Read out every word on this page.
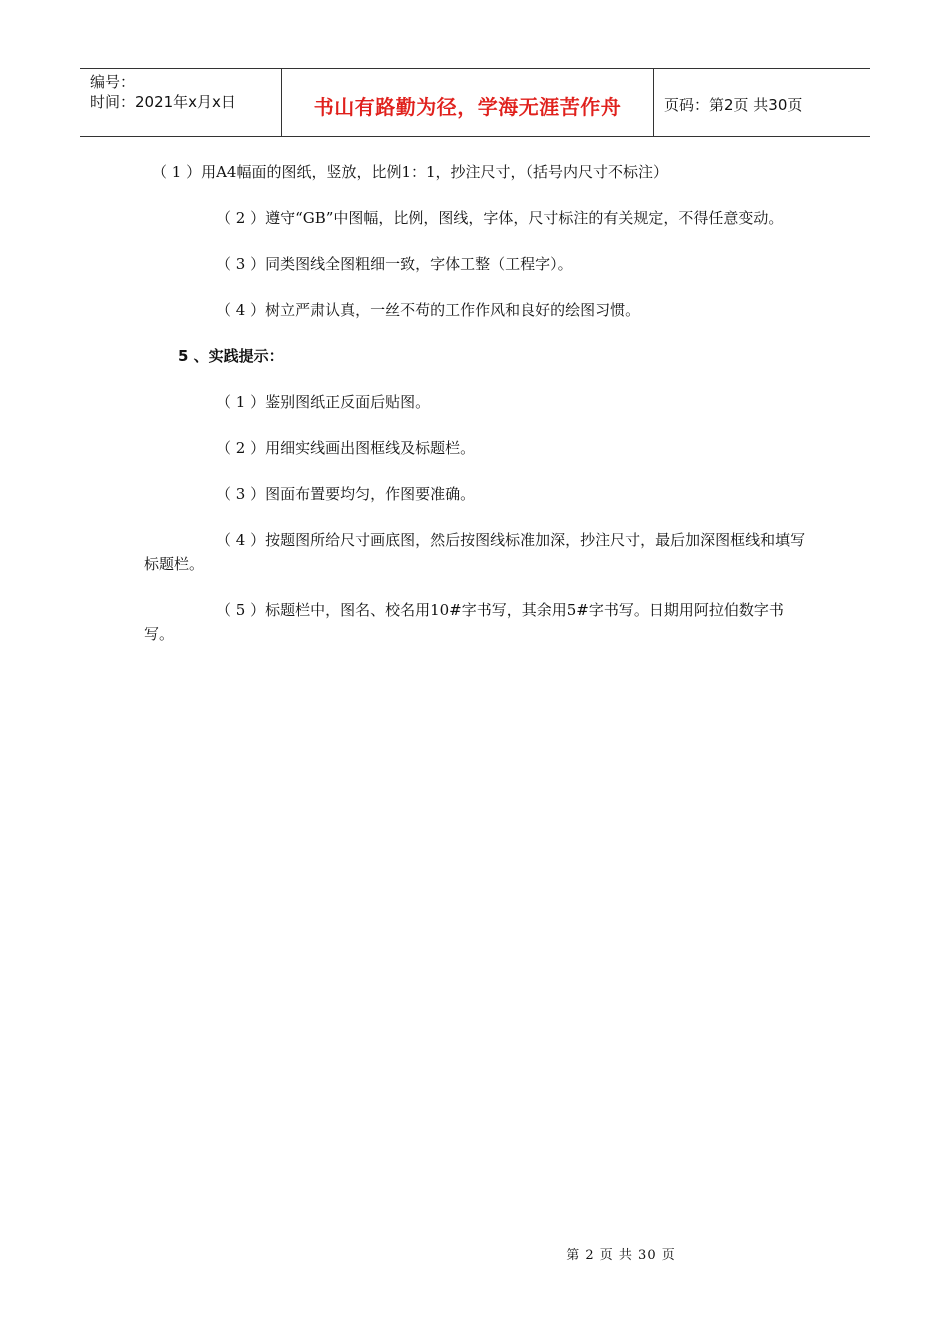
编号：
时间：2021年x月x日	书山有路勤为径，学海无涯苦作舟	页码：第2页 共30页

（ 1 ）用A4幅面的图纸，竖放，比例1：1，抄注尺寸，（括号内尺寸不标注）

（ 2 ）遵守“GB”中图幅，比例，图线，字体，尺寸标注的有关规定，不得任意变动。

（ 3 ）同类图线全图粗细一致，字体工整（工程字）。

（ 4 ）树立严肃认真，一丝不苟的工作作风和良好的绘图习惯。

5 、实践提示：

（ 1 ）鉴别图纸正反面后贴图。

（ 2 ）用细实线画出图框线及标题栏。

（ 3 ）图面布置要均匀，作图要准确。

（ 4 ）按题图所给尺寸画底图，然后按图线标准加深，抄注尺寸，最后加深图框线和填写标题栏。

（ 5 ）标题栏中，图名、校名用10#字书写，其余用5#字书写。日期用阿拉伯数字书写。

第 2 页 共 30 页
